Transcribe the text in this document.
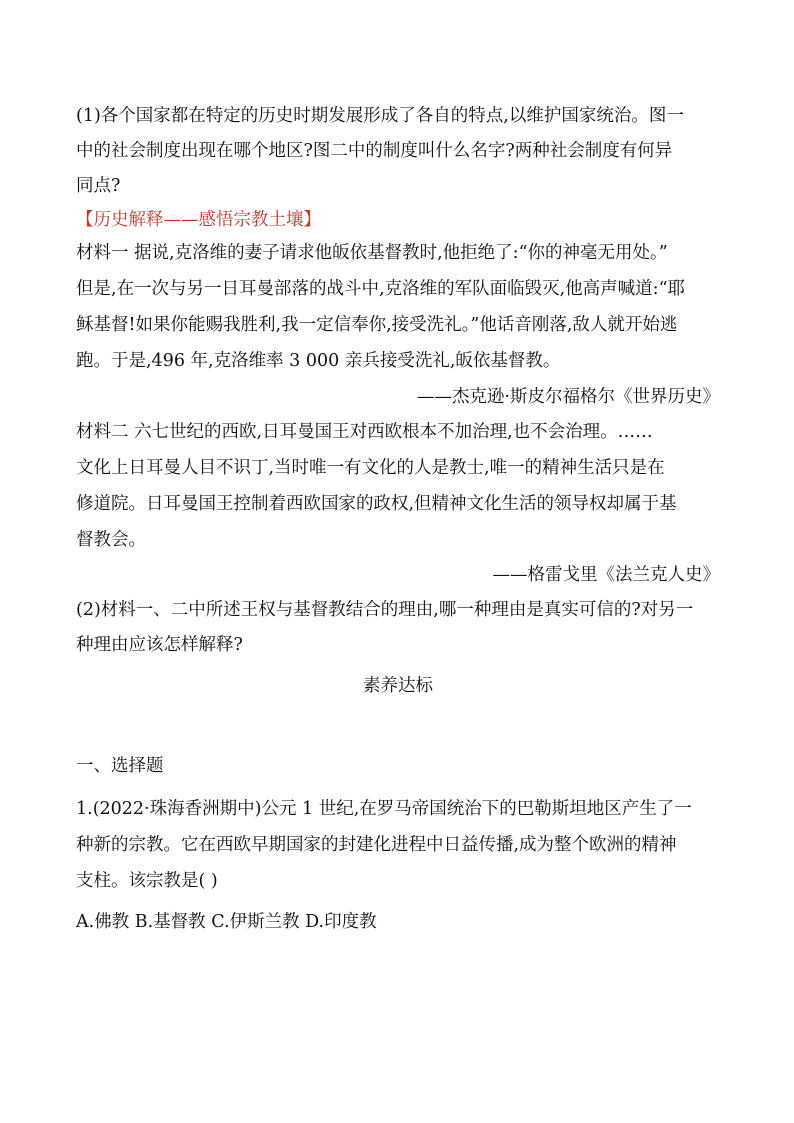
(1)各个国家都在特定的历史时期发展形成了各自的特点,以维护国家统治。图一
中的社会制度出现在哪个地区?图二中的制度叫什么名字?两种社会制度有何异
同点?
【历史解释——感悟宗教土壤】
材料一 据说,克洛维的妻子请求他皈依基督教时,他拒绝了:“你的神毫无用处。”
但是,在一次与另一日耳曼部落的战斗中,克洛维的军队面临毁灭,他高声喊道:“耶
稣基督!如果你能赐我胜利,我一定信奉你,接受洗礼。”他话音刚落,敌人就开始逃
跑。于是,496 年,克洛维率 3 000 亲兵接受洗礼,皈依基督教。
——杰克逊·斯皮尔福格尔《世界历史》
材料二 六七世纪的西欧,日耳曼国王对西欧根本不加治理,也不会治理。……
文化上日耳曼人目不识丁,当时唯一有文化的人是教士,唯一的精神生活只是在
修道院。日耳曼国王控制着西欧国家的政权,但精神文化生活的领导权却属于基
督教会。
——格雷戈里《法兰克人史》
(2)材料一、二中所述王权与基督教结合的理由,哪一种理由是真实可信的?对另一
种理由应该怎样解释?
素养达标
一、选择题
1.(2022·珠海香洲期中)公元 1 世纪,在罗马帝国统治下的巴勒斯坦地区产生了一
种新的宗教。它在西欧早期国家的封建化进程中日益传播,成为整个欧洲的精神
支柱。该宗教是( )
A.佛教 B.基督教 C.伊斯兰教 D.印度教
